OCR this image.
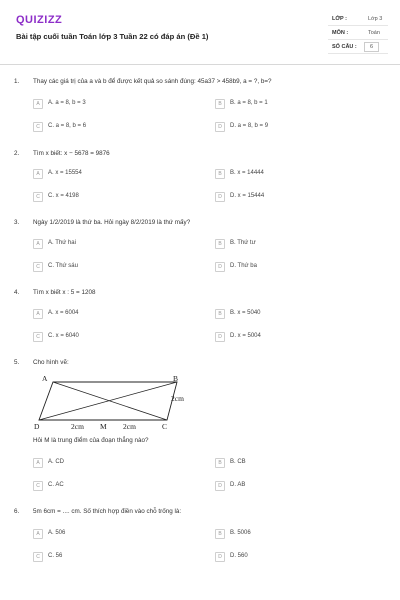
QUIZIZZ
Bài tập cuối tuần Toán lớp 3 Tuần 22 có đáp án (Đề 1)
LỚP :	Lớp 3
MÔN :	Toán
SỐ CÂU :	6
1. Thay các giá trị của a và b để được kết quả so sánh đúng: 45a37 > 458b9, a = ?, b=?
A	A. a = 8, b = 3	B	B. a = 8, b = 1
C	C. a = 8, b = 6	D	D. a = 8, b = 9
2. Tìm x biết: x − 5678 = 9876
A	A. x = 15554	B	B. x = 14444
C	C. x = 4198	D	D. x = 15444
3. Ngày 1/2/2019 là thứ ba. Hỏi ngày 8/2/2019 là thứ mấy?
A	A. Thứ hai	B	B. Thứ tư
C	C. Thứ sáu	D	D. Thứ ba
4. Tìm x biết x : 5 = 1208
A	A. x = 6004	B	B. x = 5040
C	C. x = 6040	D	D. x = 5004
5. Cho hình vẽ:
A	B
C
D	M
2cm	2cm
2cm
Hỏi M là trung điểm của đoạn thẳng nào?
A	A. CD	B	B. CB
C	C. AC	D	D. AB
6. 5m 6cm = .... cm. Số thích hợp điền vào chỗ trống là:
A	A. 506	B	B. 5006
C	C. 56	D	D. 560
